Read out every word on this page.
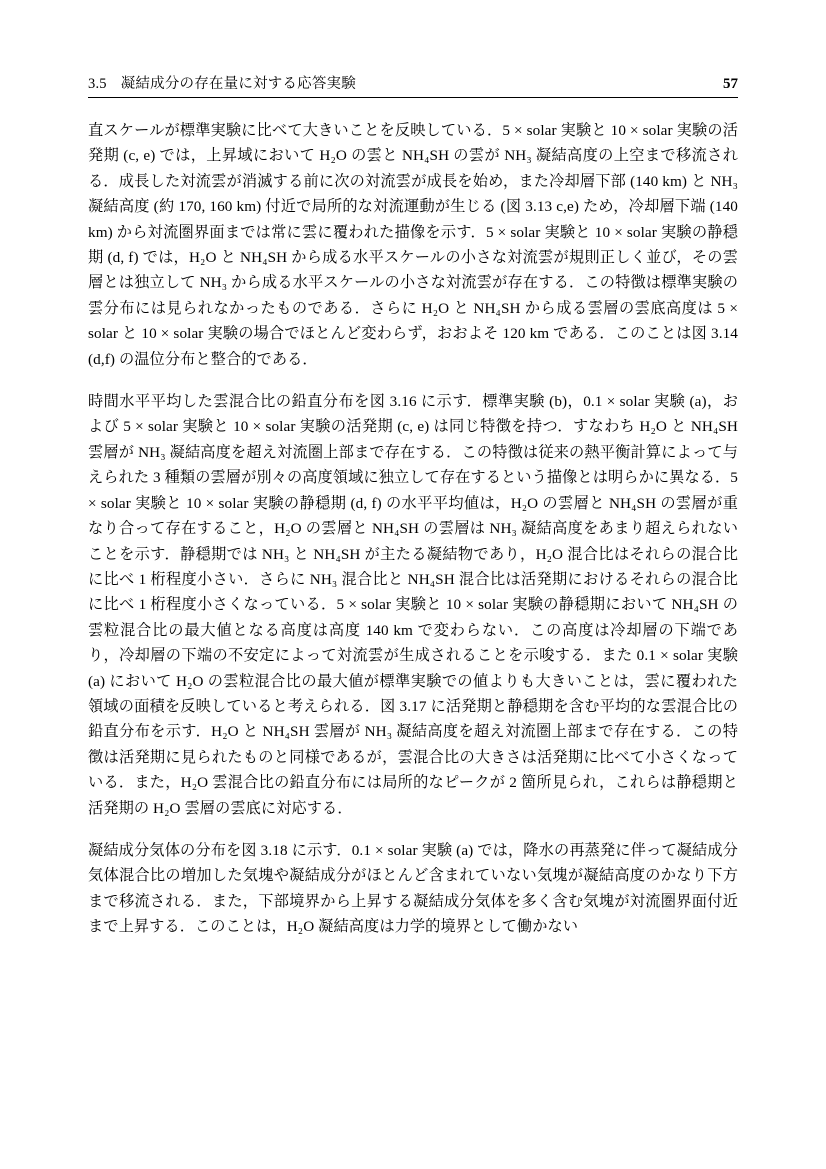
3.5 凝結成分の存在量に対する応答実験	57

直スケールが標準実験に比べて大きいことを反映している．5 × solar 実験と 10 × solar 実験の活発期 (c, e) では，上昇域において H₂O の雲と NH₄SH の雲が NH₃ 凝結高度の上空まで移流される．成長した対流雲が消滅する前に次の対流雲が成長を始め，また冷却層下部 (140 km) と NH₃ 凝結高度 (約 170, 160 km) 付近で局所的な対流運動が生じる (図 3.13 c,e) ため，冷却層下端 (140 km) から対流圏界面までは常に雲に覆われた描像を示す．5 × solar 実験と 10 × solar 実験の静穏期 (d, f) では，H₂O と NH₄SH から成る水平スケールの小さな対流雲が規則正しく並び，その雲層とは独立して NH₃ から成る水平スケールの小さな対流雲が存在する．この特徴は標準実験の雲分布には見られなかったものである．さらに H₂O と NH₄SH から成る雲層の雲底高度は 5 × solar と 10 × solar 実験の場合でほとんど変わらず，おおよそ 120 km である．このことは図 3.14 (d,f) の温位分布と整合的である．

時間水平平均した雲混合比の鉛直分布を図 3.16 に示す．標準実験 (b)，0.1 × solar 実験 (a)，および 5 × solar 実験と 10 × solar 実験の活発期 (c, e) は同じ特徴を持つ．すなわち H₂O と NH₄SH 雲層が NH₃ 凝結高度を超え対流圏上部まで存在する．この特徴は従来の熱平衡計算によって与えられた 3 種類の雲層が別々の高度領域に独立して存在するという描像とは明らかに異なる．5 × solar 実験と 10 × solar 実験の静穏期 (d, f) の水平平均値は，H₂O の雲層と NH₄SH の雲層が重なり合って存在すること，H₂O の雲層と NH₄SH の雲層は NH₃ 凝結高度をあまり超えられないことを示す．静穏期では NH₃ と NH₄SH が主たる凝結物であり，H₂O 混合比はそれらの混合比に比べ 1 桁程度小さい．さらに NH₃ 混合比と NH₄SH 混合比は活発期におけるそれらの混合比に比べ 1 桁程度小さくなっている．5 × solar 実験と 10 × solar 実験の静穏期において NH₄SH の雲粒混合比の最大値となる高度は高度 140 km で変わらない．この高度は冷却層の下端であり，冷却層の下端の不安定によって対流雲が生成されることを示唆する．また 0.1 × solar 実験 (a) において H₂O の雲粒混合比の最大値が標準実験での値よりも大きいことは，雲に覆われた領域の面積を反映していると考えられる．図 3.17 に活発期と静穏期を含む平均的な雲混合比の鉛直分布を示す．H₂O と NH₄SH 雲層が NH₃ 凝結高度を超え対流圏上部まで存在する．この特徴は活発期に見られたものと同様であるが，雲混合比の大きさは活発期に比べて小さくなっている．また，H₂O 雲混合比の鉛直分布には局所的なピークが 2 箇所見られ，これらは静穏期と活発期の H₂O 雲層の雲底に対応する．

凝結成分気体の分布を図 3.18 に示す．0.1 × solar 実験 (a) では，降水の再蒸発に伴って凝結成分気体混合比の増加した気塊や凝結成分がほとんど含まれていない気塊が凝結高度のかなり下方まで移流される．また，下部境界から上昇する凝結成分気体を多く含む気塊が対流圏界面付近まで上昇する．このことは，H₂O 凝結高度は力学的境界として働かない
